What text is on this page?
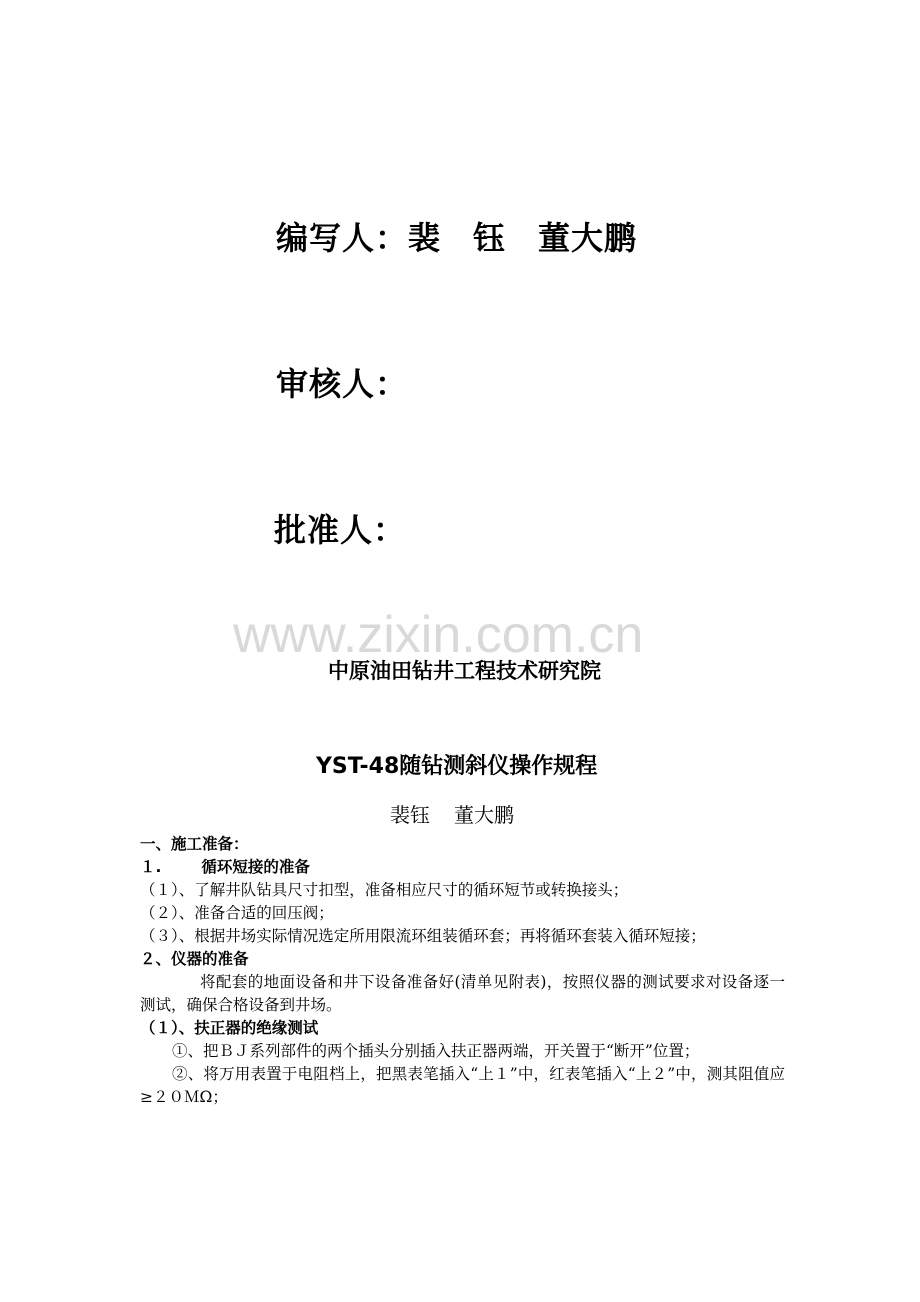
编写人：裴 钰 董大鹏
审核人：
批准人：
www.zixin.com.cn
中原油田钻井工程技术研究院
YST-48随钻测斜仪操作规程
裴钰 董大鹏
一、施工准备：
１.	循环短接的准备
（１）、了解井队钻具尺寸扣型，准备相应尺寸的循环短节或转换接头；
（２）、准备合适的回压阀；
（３）、根据井场实际情况选定所用限流环组装循环套；再将循环套装入循环短接；
２、仪器的准备
将配套的地面设备和井下设备准备好(清单见附表)，按照仪器的测试要求对设备逐一测试，确保合格设备到井场。
（１）、扶正器的绝缘测试
①、把ＢＪ系列部件的两个插头分别插入扶正器两端，开关置于“断开”位置；
②、将万用表置于电阻档上，把黑表笔插入“上１”中，红表笔插入“上２”中，测其阻值应≥２０ＭΩ；
